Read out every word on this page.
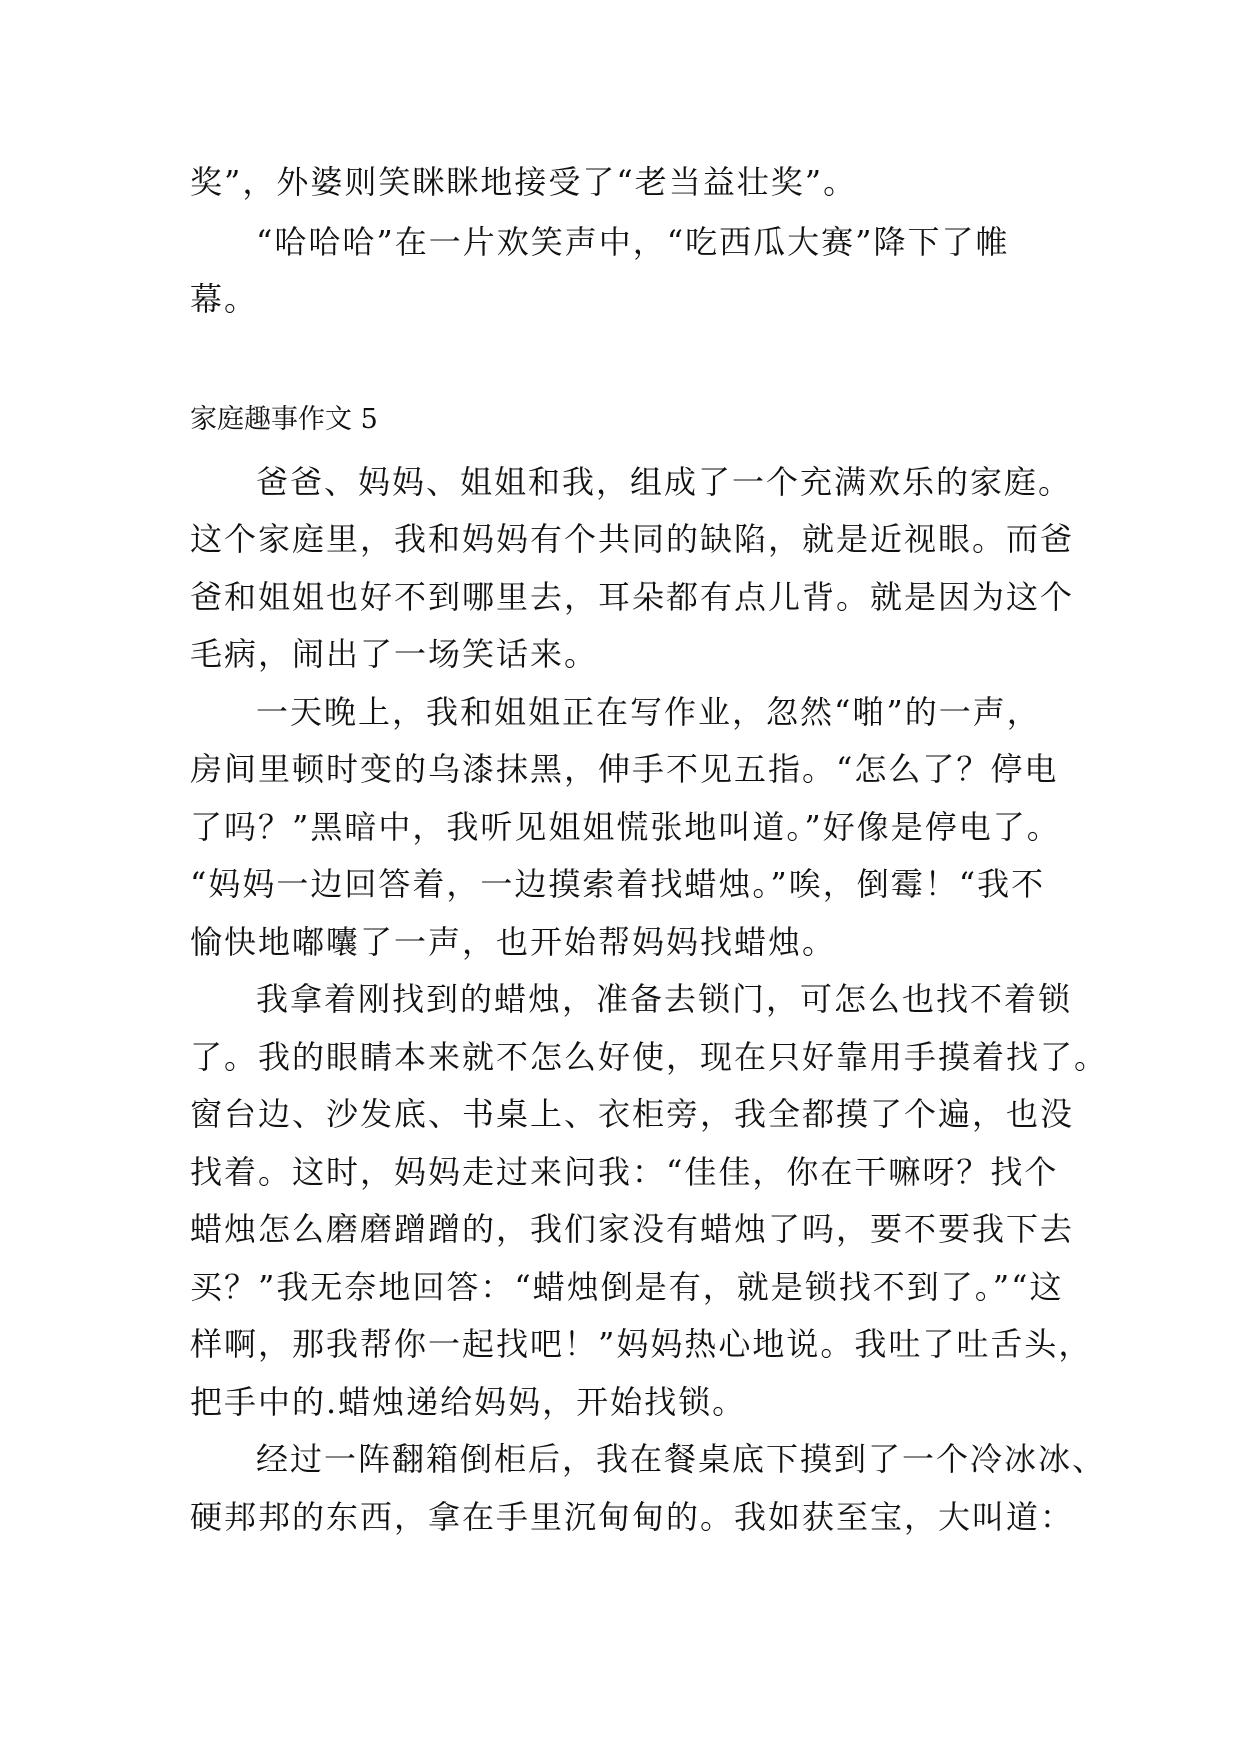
奖”，外婆则笑眯眯地接受了“老当益壮奖”。
“哈哈哈”在一片欢笑声中，“吃西瓜大赛”降下了帷
幕。
家庭趣事作文 5
爸爸、妈妈、姐姐和我，组成了一个充满欢乐的家庭。
这个家庭里，我和妈妈有个共同的缺陷，就是近视眼。而爸
爸和姐姐也好不到哪里去，耳朵都有点儿背。就是因为这个
毛病，闹出了一场笑话来。
一天晚上，我和姐姐正在写作业，忽然“啪”的一声，
房间里顿时变的乌漆抹黑，伸手不见五指。“怎么了？停电
了吗？”黑暗中，我听见姐姐慌张地叫道。”好像是停电了。
“妈妈一边回答着，一边摸索着找蜡烛。”唉，倒霉！“我不
愉快地嘟囔了一声，也开始帮妈妈找蜡烛。
我拿着刚找到的蜡烛，准备去锁门，可怎么也找不着锁
了。我的眼睛本来就不怎么好使，现在只好靠用手摸着找了。
窗台边、沙发底、书桌上、衣柜旁，我全都摸了个遍，也没
找着。这时，妈妈走过来问我：“佳佳，你在干嘛呀？找个
蜡烛怎么磨磨蹭蹭的，我们家没有蜡烛了吗，要不要我下去
买？”我无奈地回答：“蜡烛倒是有，就是锁找不到了。”“这
样啊，那我帮你一起找吧！”妈妈热心地说。我吐了吐舌头，
把手中的.蜡烛递给妈妈，开始找锁。
经过一阵翻箱倒柜后，我在餐桌底下摸到了一个冷冰冰、
硬邦邦的东西，拿在手里沉甸甸的。我如获至宝，大叫道：
